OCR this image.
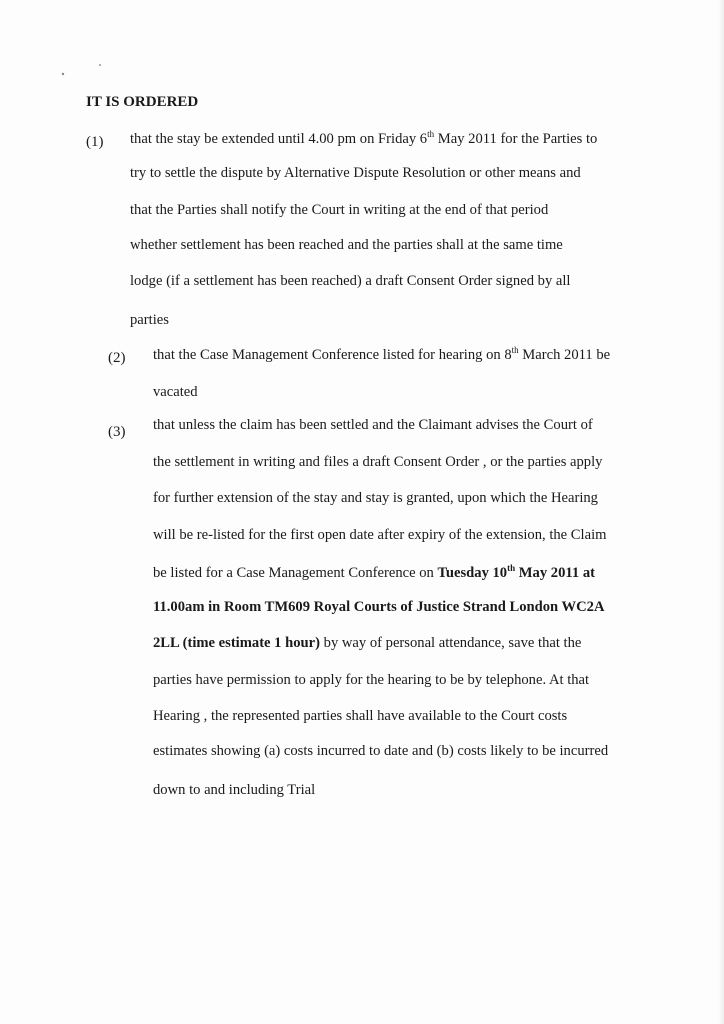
IT IS ORDERED
(1) that the stay be extended until 4.00 pm on Friday 6th May 2011 for the Parties to
try to settle the dispute by Alternative Dispute Resolution or other means and
that the Parties shall notify the Court in writing at the end of that period
whether settlement has been reached and the parties shall at the same time
lodge (if a settlement has been reached) a draft Consent Order signed by all
parties
(2) that the Case Management Conference listed for hearing on 8th March 2011 be
vacated
(3) that unless the claim has been settled and the Claimant advises the Court of
the settlement in writing and files a draft Consent Order , or the parties apply
for further extension of the stay and stay is granted, upon which the Hearing
will be re-listed for the first open date after expiry of the extension, the Claim
be listed for a Case Management Conference on Tuesday 10th May 2011 at
11.00am in Room TM609 Royal Courts of Justice Strand London WC2A
2LL (time estimate 1 hour) by way of personal attendance, save that the
parties have permission to apply for the hearing to be by telephone. At that
Hearing , the represented parties shall have available to the Court costs
estimates showing (a) costs incurred to date and (b) costs likely to be incurred
down to and including Trial
